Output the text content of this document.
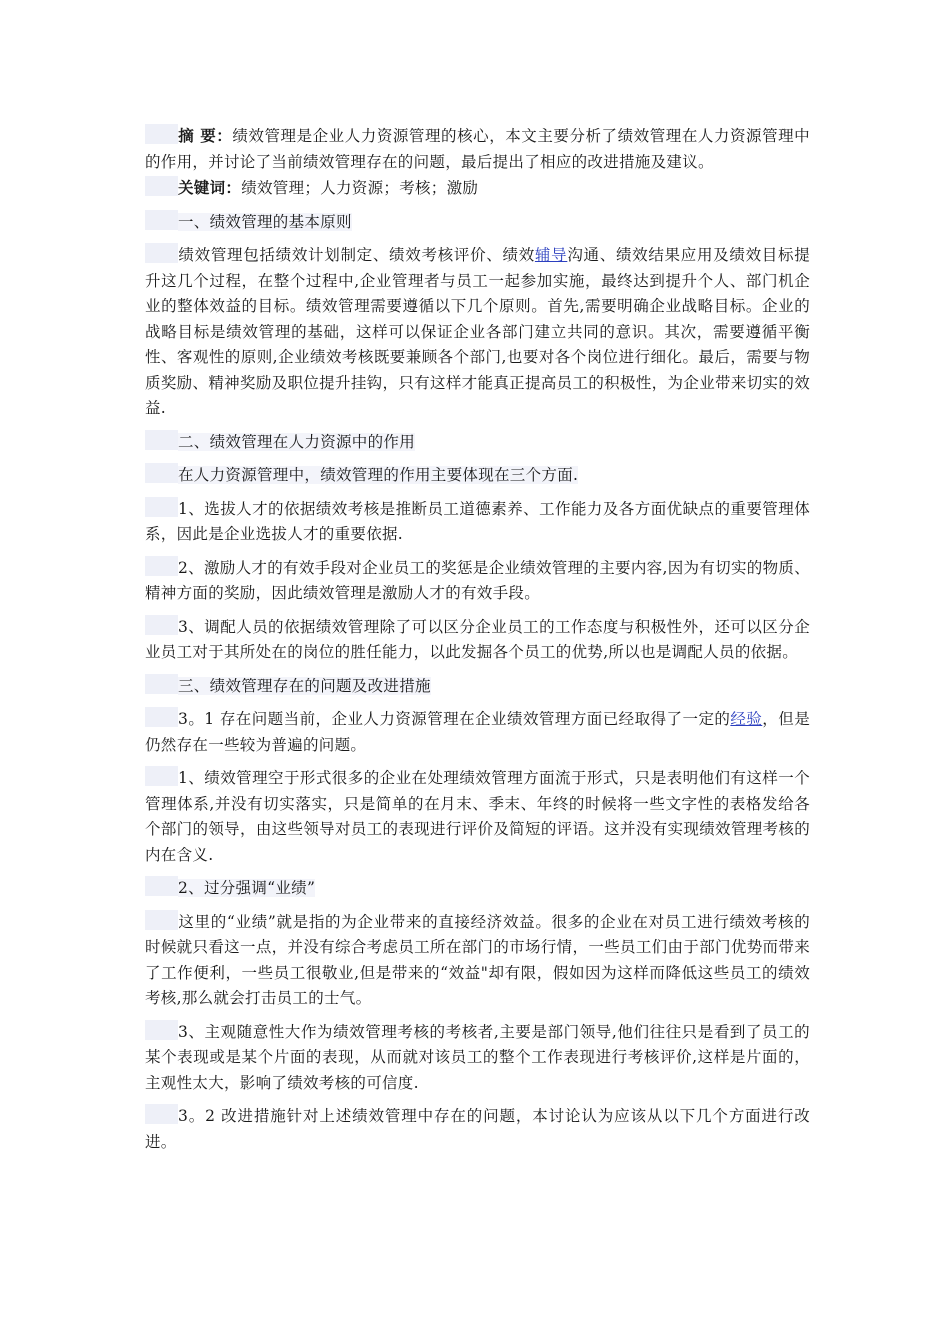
摘 要：绩效管理是企业人力资源管理的核心，本文主要分析了绩效管理在人力资源管理中的作用，并讨论了当前绩效管理存在的问题，最后提出了相应的改进措施及建议。

关键词：绩效管理；人力资源；考核；激励

一、绩效管理的基本原则

绩效管理包括绩效计划制定、绩效考核评价、绩效辅导沟通、绩效结果应用及绩效目标提升这几个过程，在整个过程中,企业管理者与员工一起参加实施，最终达到提升个人、部门机企业的整体效益的目标。绩效管理需要遵循以下几个原则。首先,需要明确企业战略目标。企业的战略目标是绩效管理的基础，这样可以保证企业各部门建立共同的意识。其次，需要遵循平衡性、客观性的原则,企业绩效考核既要兼顾各个部门,也要对各个岗位进行细化。最后，需要与物质奖励、精神奖励及职位提升挂钩，只有这样才能真正提高员工的积极性，为企业带来切实的效益.

二、绩效管理在人力资源中的作用

在人力资源管理中，绩效管理的作用主要体现在三个方面.

1、选拔人才的依据绩效考核是推断员工道德素养、工作能力及各方面优缺点的重要管理体系，因此是企业选拔人才的重要依据.

2、激励人才的有效手段对企业员工的奖惩是企业绩效管理的主要内容,因为有切实的物质、精神方面的奖励，因此绩效管理是激励人才的有效手段。

3、调配人员的依据绩效管理除了可以区分企业员工的工作态度与积极性外，还可以区分企业员工对于其所处在的岗位的胜任能力，以此发掘各个员工的优势,所以也是调配人员的依据。

三、绩效管理存在的问题及改进措施

3。1 存在问题当前，企业人力资源管理在企业绩效管理方面已经取得了一定的经验，但是仍然存在一些较为普遍的问题。

1、绩效管理空于形式很多的企业在处理绩效管理方面流于形式，只是表明他们有这样一个管理体系,并没有切实落实，只是简单的在月末、季末、年终的时候将一些文字性的表格发给各个部门的领导，由这些领导对员工的表现进行评价及简短的评语。这并没有实现绩效管理考核的内在含义.

2、过分强调“业绩”

这里的“业绩”就是指的为企业带来的直接经济效益。很多的企业在对员工进行绩效考核的时候就只看这一点，并没有综合考虑员工所在部门的市场行情，一些员工们由于部门优势而带来了工作便利，一些员工很敬业,但是带来的“效益"却有限，假如因为这样而降低这些员工的绩效考核,那么就会打击员工的士气。

3、主观随意性大作为绩效管理考核的考核者,主要是部门领导,他们往往只是看到了员工的某个表现或是某个片面的表现，从而就对该员工的整个工作表现进行考核评价,这样是片面的，主观性太大，影响了绩效考核的可信度.

3。2 改进措施针对上述绩效管理中存在的问题，本讨论认为应该从以下几个方面进行改进。
